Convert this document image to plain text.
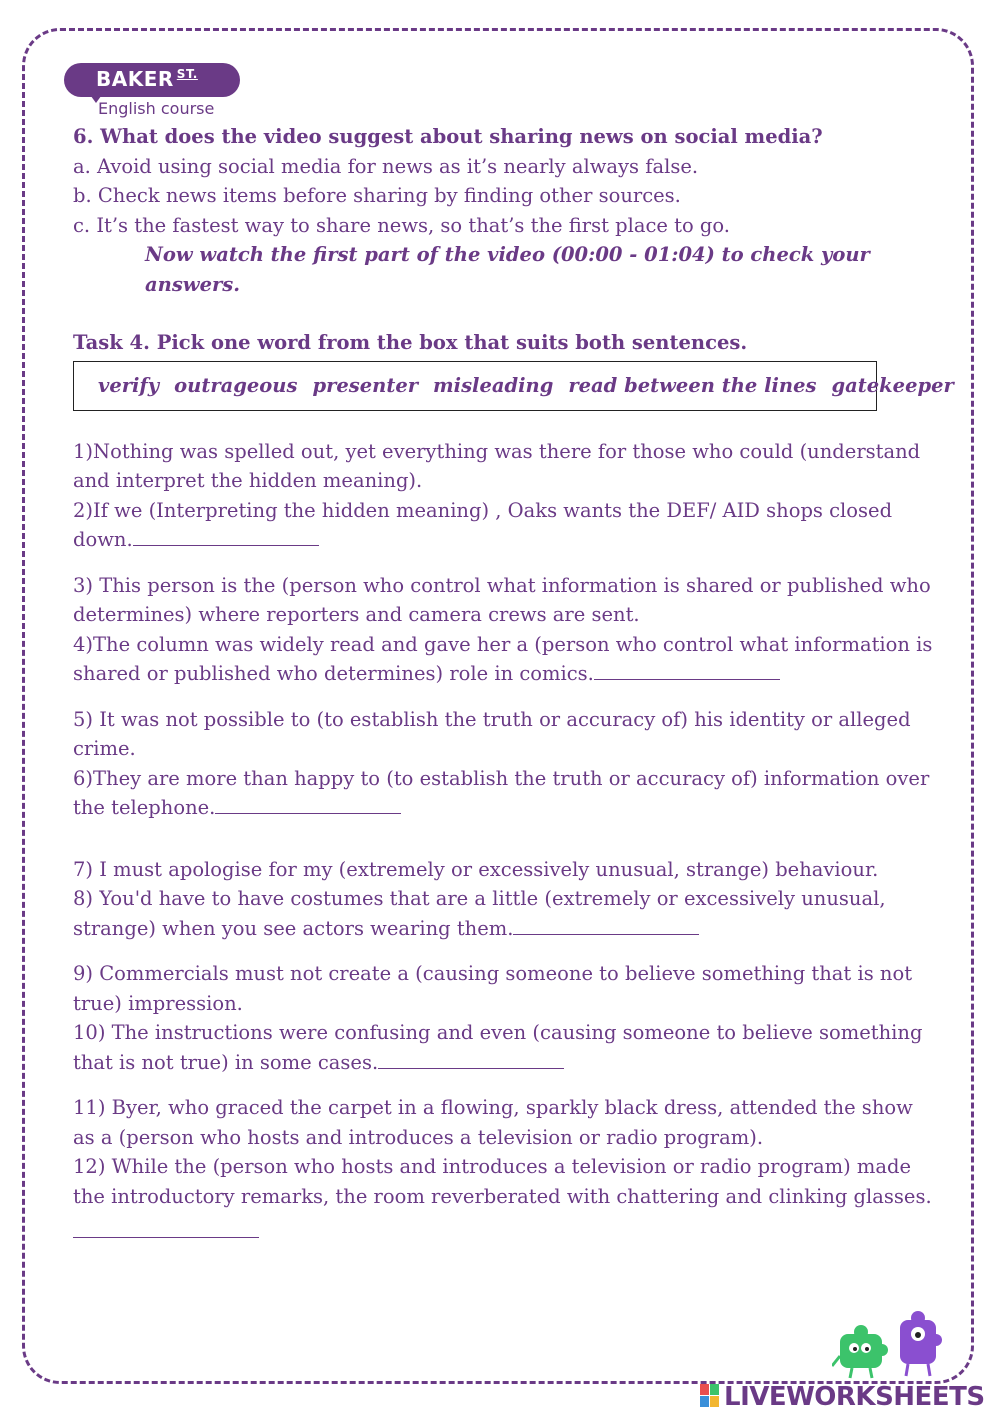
BAKER $^{ST.}$
English course
6. What does the video suggest about sharing news on social media?
a. Avoid using social media for news as it’s nearly always false.
b. Check news items before sharing by finding other sources.
c. It’s the fastest way to share news, so that’s the first place to go.
Now watch the first part of the video (00:00 - 01:04) to check your answers.
Task 4. Pick one word from the box that suits both sentences.
verify outrageous presenter misleading read between the lines gatekeeper
1)Nothing was spelled out, yet everything was there for those who could (understand and interpret the hidden meaning).
2)If we (Interpreting the hidden meaning) , Oaks wants the DEF/ AID shops closed down.
3) This person is the (person who control what information is shared or published who determines) where reporters and camera crews are sent.
4)The column was widely read and gave her a (person who control what information is shared or published who determines) role in comics.
5) It was not possible to (to establish the truth or accuracy of) his identity or alleged crime.
6)They are more than happy to (to establish the truth or accuracy of) information over the telephone.
7) I must apologise for my (extremely or excessively unusual, strange) behaviour.
8) You'd have to have costumes that are a little (extremely or excessively unusual, strange) when you see actors wearing them.
9) Commercials must not create a (causing someone to believe something that is not true) impression.
10) The instructions were confusing and even (causing someone to believe something that is not true) in some cases.
11) Byer, who graced the carpet in a flowing, sparkly black dress, attended the show as a (person who hosts and introduces a television or radio program).
12) While the (person who hosts and introduces a television or radio program) made the introductory remarks, the room reverberated with chattering and clinking glasses.
LIVEWORKSHEETS
